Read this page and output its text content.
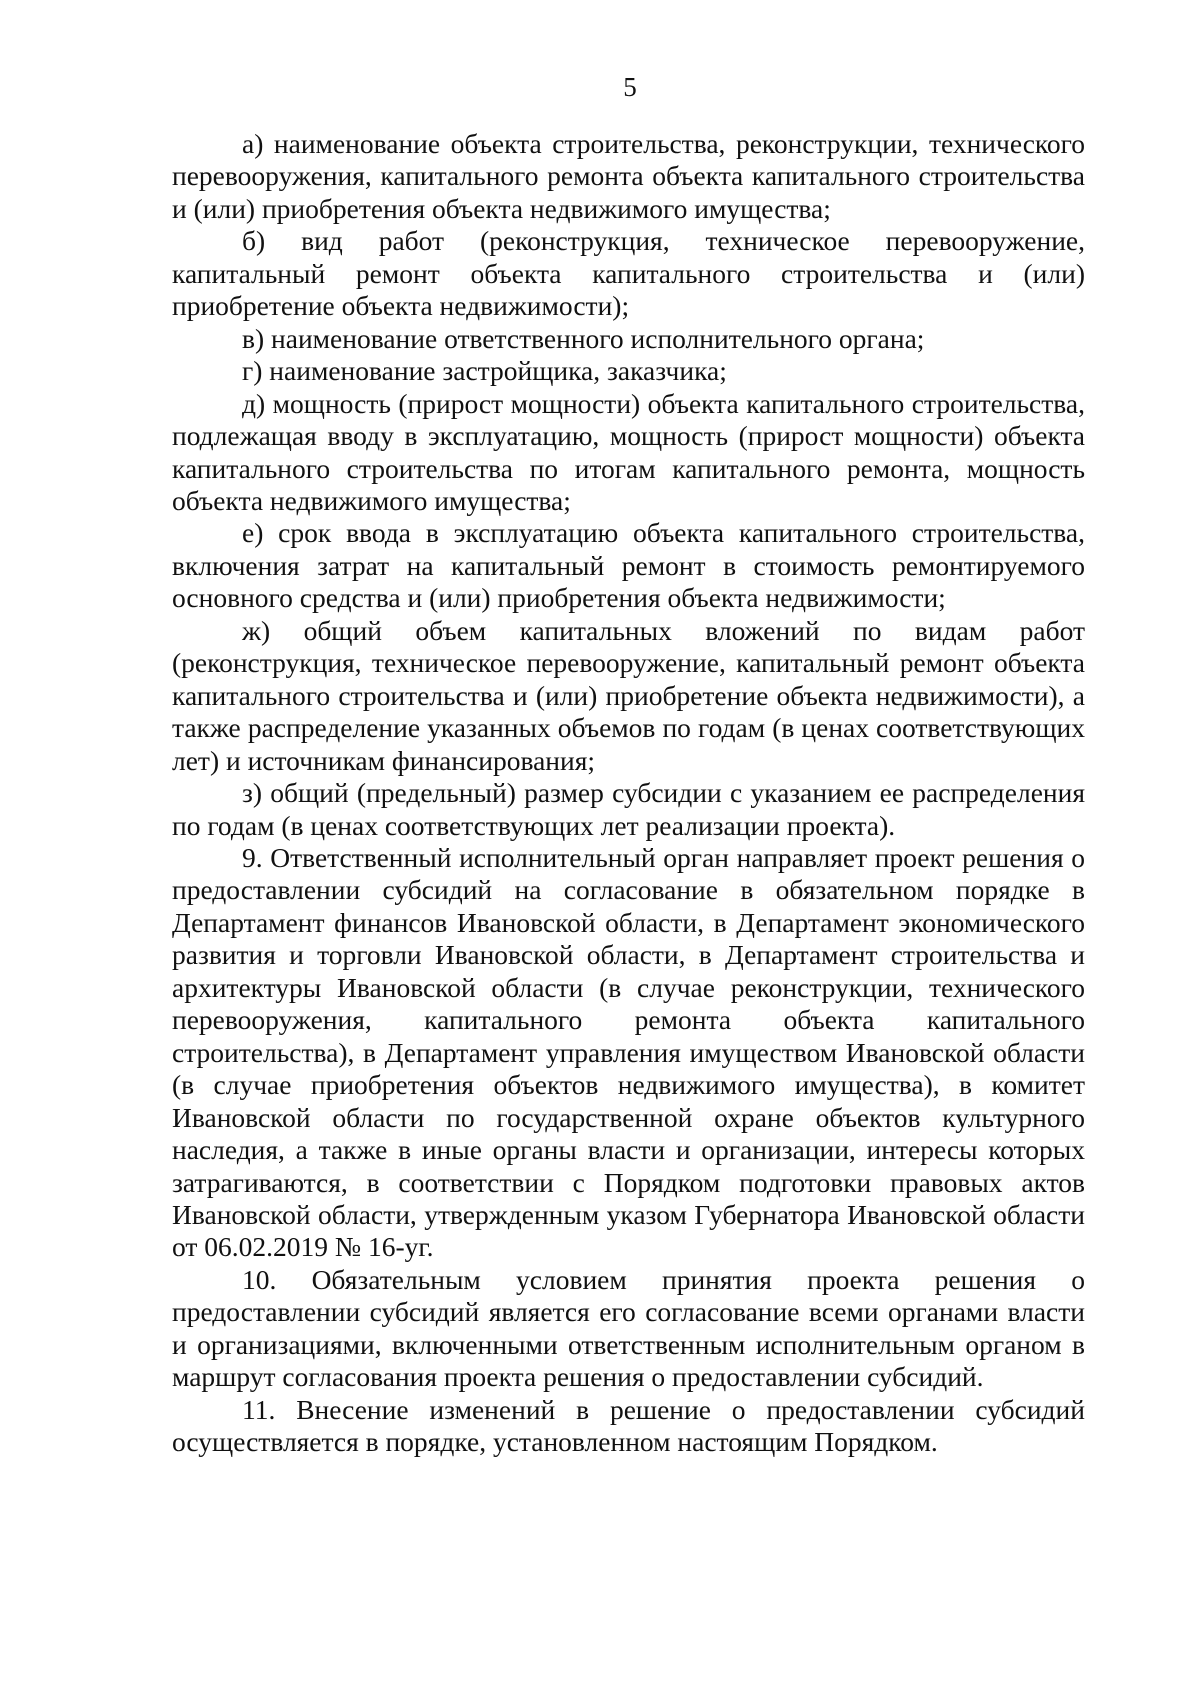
5

а) наименование объекта строительства, реконструкции, технического перевооружения, капитального ремонта объекта капитального строительства и (или) приобретения объекта недвижимого имущества;

б) вид работ (реконструкция, техническое перевооружение, капитальный ремонт объекта капитального строительства и (или) приобретение объекта недвижимости);

в) наименование ответственного исполнительного органа;

г) наименование застройщика, заказчика;

д) мощность (прирост мощности) объекта капитального строительства, подлежащая вводу в эксплуатацию, мощность (прирост мощности) объекта капитального строительства по итогам капитального ремонта, мощность объекта недвижимого имущества;

е) срок ввода в эксплуатацию объекта капитального строительства, включения затрат на капитальный ремонт в стоимость ремонтируемого основного средства и (или) приобретения объекта недвижимости;

ж) общий объем капитальных вложений по видам работ (реконструкция, техническое перевооружение, капитальный ремонт объекта капитального строительства и (или) приобретение объекта недвижимости), а также распределение указанных объемов по годам (в ценах соответствующих лет) и источникам финансирования;

з) общий (предельный) размер субсидии с указанием ее распределения по годам (в ценах соответствующих лет реализации проекта).

9. Ответственный исполнительный орган направляет проект решения о предоставлении субсидий на согласование в обязательном порядке в Департамент финансов Ивановской области, в Департамент экономического развития и торговли Ивановской области, в Департамент строительства и архитектуры Ивановской области (в случае реконструкции, технического перевооружения, капитального ремонта объекта капитального строительства), в Департамент управления имуществом Ивановской области (в случае приобретения объектов недвижимого имущества), в комитет Ивановской области по государственной охране объектов культурного наследия, а также в иные органы власти и организации, интересы которых затрагиваются, в соответствии с Порядком подготовки правовых актов Ивановской области, утвержденным указом Губернатора Ивановской области от 06.02.2019 № 16-уг.

10. Обязательным условием принятия проекта решения о предоставлении субсидий является его согласование всеми органами власти и организациями, включенными ответственным исполнительным органом в маршрут согласования проекта решения о предоставлении субсидий.

11. Внесение изменений в решение о предоставлении субсидий осуществляется в порядке, установленном настоящим Порядком.
